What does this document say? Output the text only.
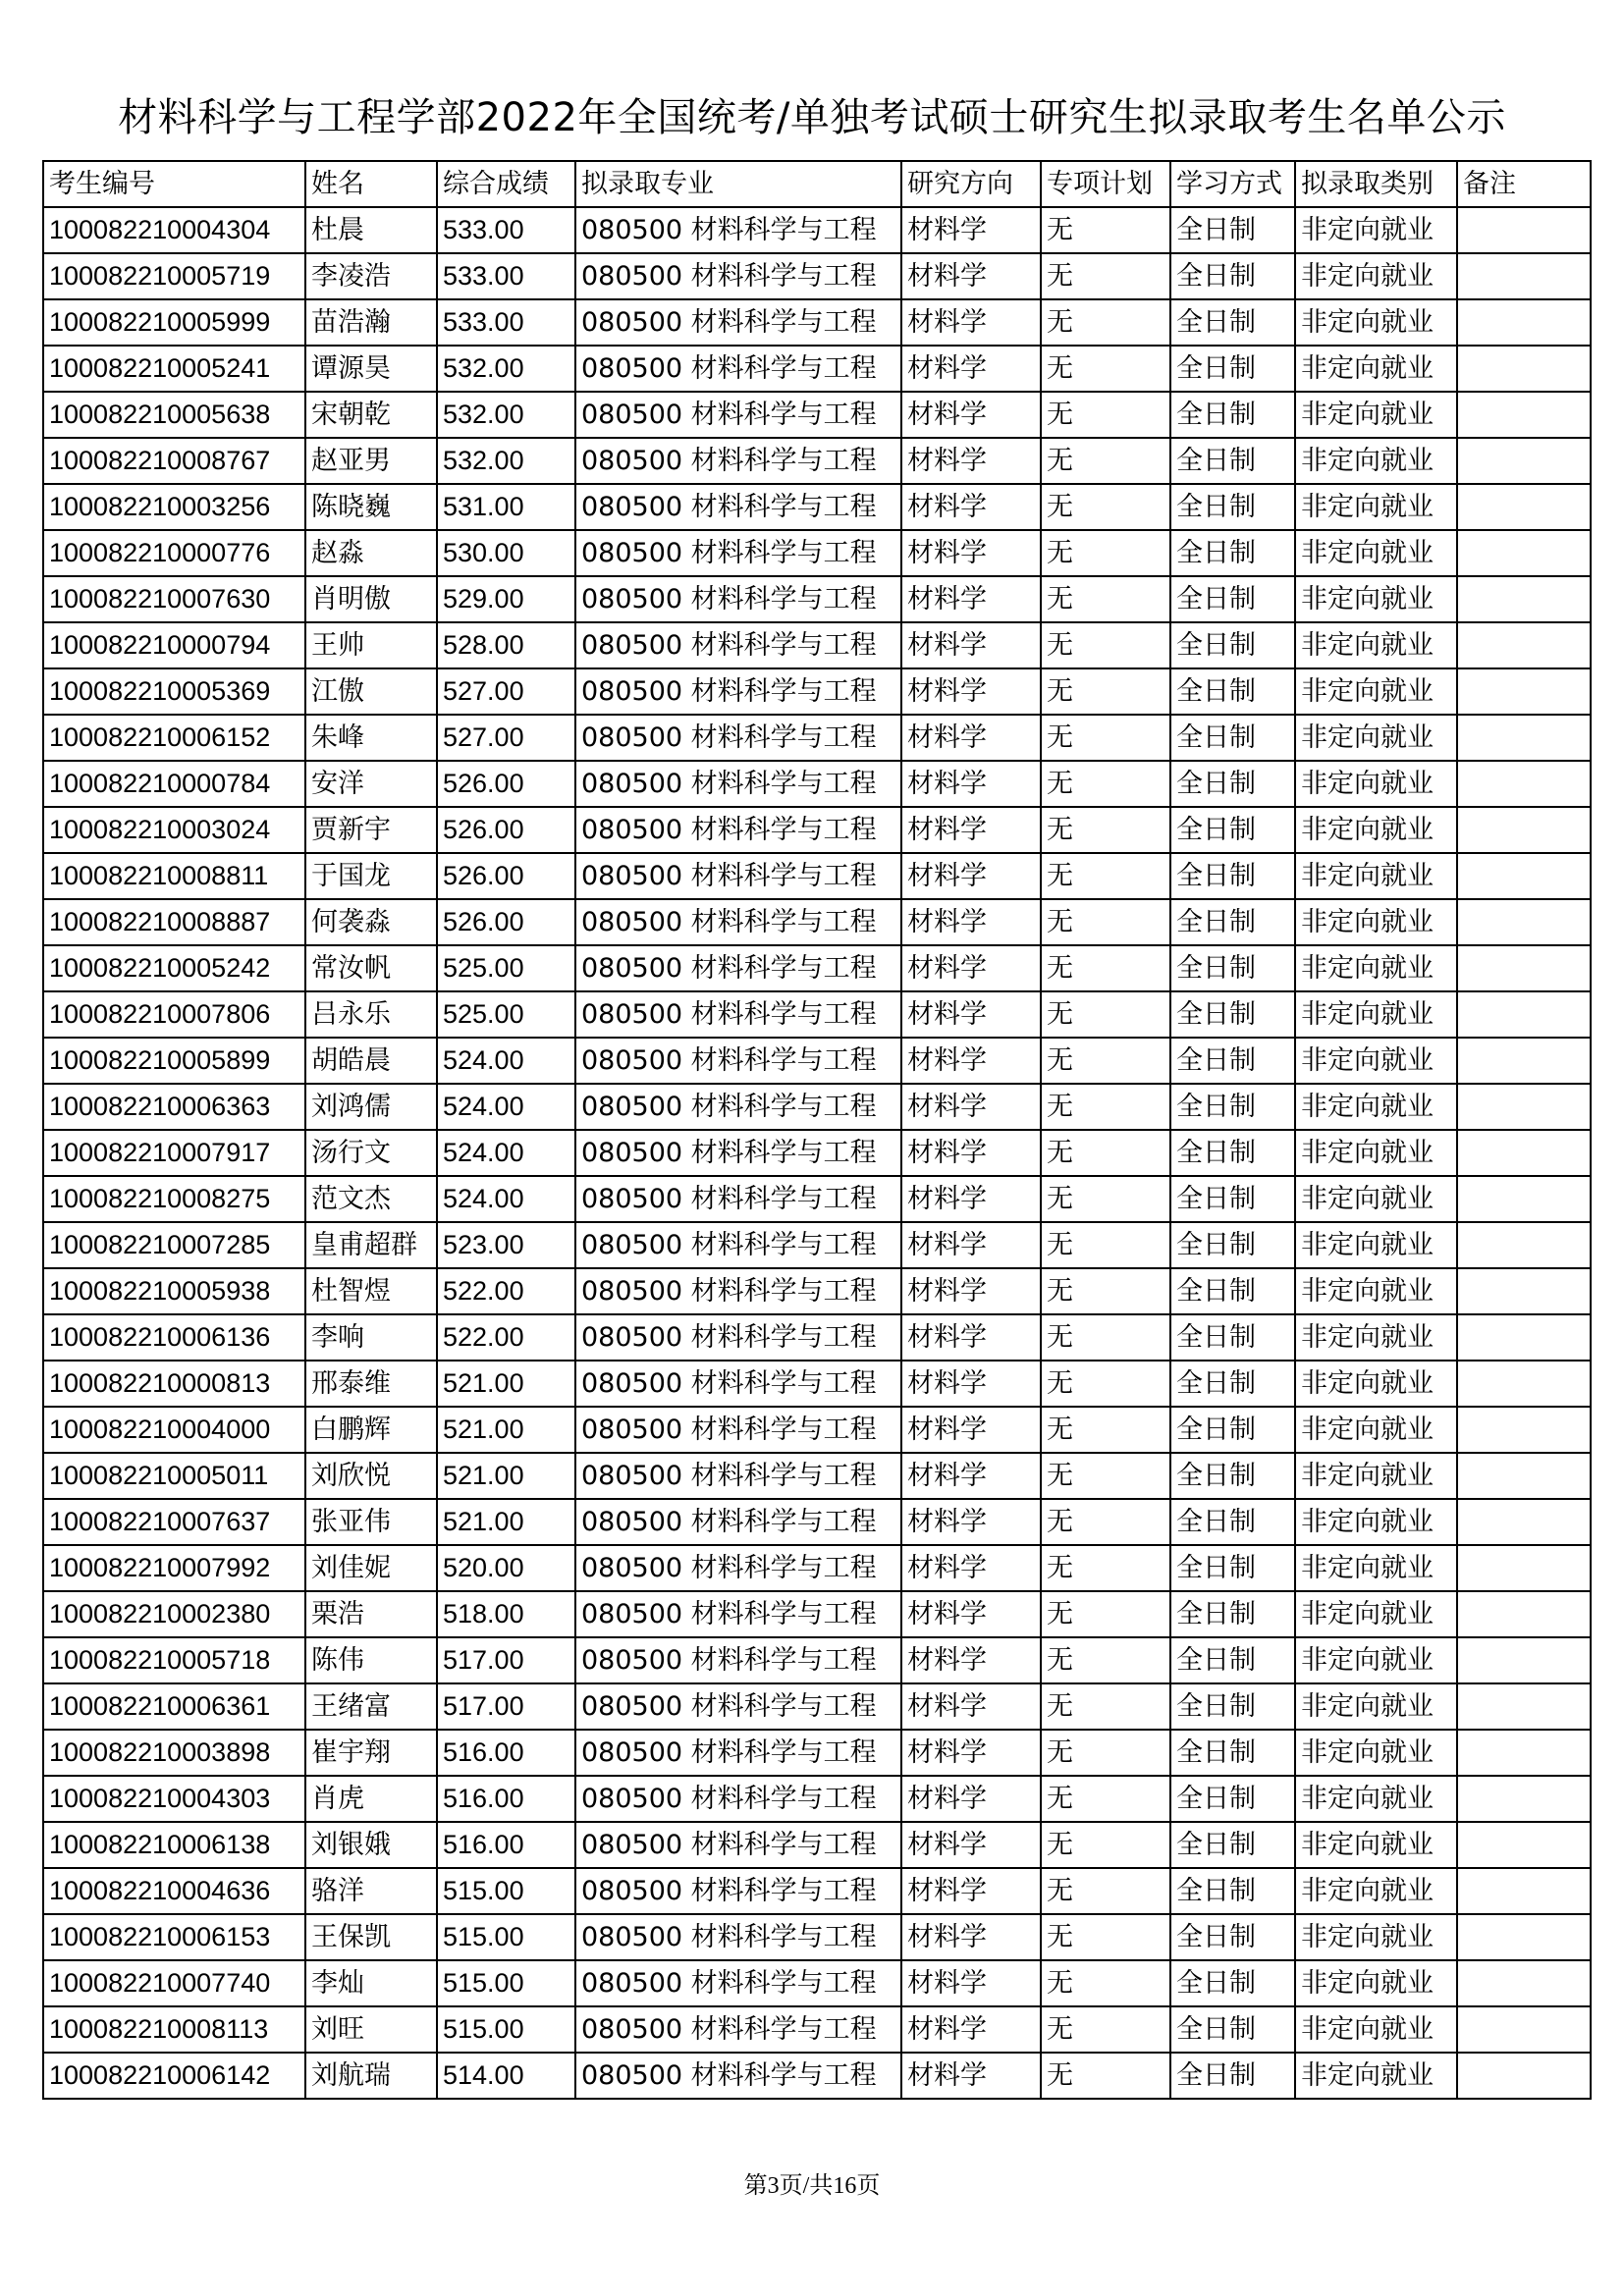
材料科学与工程学部2022年全国统考/单独考试硕士研究生拟录取考生名单公示
考生编号	姓名	综合成绩	拟录取专业	研究方向	专项计划	学习方式	拟录取类别	备注
100082210004304	杜晨	533.00	080500 材料科学与工程	材料学	无	全日制	非定向就业	
100082210005719	李凌浩	533.00	080500 材料科学与工程	材料学	无	全日制	非定向就业	
100082210005999	苗浩瀚	533.00	080500 材料科学与工程	材料学	无	全日制	非定向就业	
100082210005241	谭源昊	532.00	080500 材料科学与工程	材料学	无	全日制	非定向就业	
100082210005638	宋朝乾	532.00	080500 材料科学与工程	材料学	无	全日制	非定向就业	
100082210008767	赵亚男	532.00	080500 材料科学与工程	材料学	无	全日制	非定向就业	
100082210003256	陈晓巍	531.00	080500 材料科学与工程	材料学	无	全日制	非定向就业	
100082210000776	赵淼	530.00	080500 材料科学与工程	材料学	无	全日制	非定向就业	
100082210007630	肖明傲	529.00	080500 材料科学与工程	材料学	无	全日制	非定向就业	
100082210000794	王帅	528.00	080500 材料科学与工程	材料学	无	全日制	非定向就业	
100082210005369	江傲	527.00	080500 材料科学与工程	材料学	无	全日制	非定向就业	
100082210006152	朱峰	527.00	080500 材料科学与工程	材料学	无	全日制	非定向就业	
100082210000784	安洋	526.00	080500 材料科学与工程	材料学	无	全日制	非定向就业	
100082210003024	贾新宇	526.00	080500 材料科学与工程	材料学	无	全日制	非定向就业	
100082210008811	于国龙	526.00	080500 材料科学与工程	材料学	无	全日制	非定向就业	
100082210008887	何袭淼	526.00	080500 材料科学与工程	材料学	无	全日制	非定向就业	
100082210005242	常汝帆	525.00	080500 材料科学与工程	材料学	无	全日制	非定向就业	
100082210007806	吕永乐	525.00	080500 材料科学与工程	材料学	无	全日制	非定向就业	
100082210005899	胡皓晨	524.00	080500 材料科学与工程	材料学	无	全日制	非定向就业	
100082210006363	刘鸿儒	524.00	080500 材料科学与工程	材料学	无	全日制	非定向就业	
100082210007917	汤行文	524.00	080500 材料科学与工程	材料学	无	全日制	非定向就业	
100082210008275	范文杰	524.00	080500 材料科学与工程	材料学	无	全日制	非定向就业	
100082210007285	皇甫超群	523.00	080500 材料科学与工程	材料学	无	全日制	非定向就业	
100082210005938	杜智煜	522.00	080500 材料科学与工程	材料学	无	全日制	非定向就业	
100082210006136	李响	522.00	080500 材料科学与工程	材料学	无	全日制	非定向就业	
100082210000813	邢泰维	521.00	080500 材料科学与工程	材料学	无	全日制	非定向就业	
100082210004000	白鹏辉	521.00	080500 材料科学与工程	材料学	无	全日制	非定向就业	
100082210005011	刘欣悦	521.00	080500 材料科学与工程	材料学	无	全日制	非定向就业	
100082210007637	张亚伟	521.00	080500 材料科学与工程	材料学	无	全日制	非定向就业	
100082210007992	刘佳妮	520.00	080500 材料科学与工程	材料学	无	全日制	非定向就业	
100082210002380	栗浩	518.00	080500 材料科学与工程	材料学	无	全日制	非定向就业	
100082210005718	陈伟	517.00	080500 材料科学与工程	材料学	无	全日制	非定向就业	
100082210006361	王绪富	517.00	080500 材料科学与工程	材料学	无	全日制	非定向就业	
100082210003898	崔宇翔	516.00	080500 材料科学与工程	材料学	无	全日制	非定向就业	
100082210004303	肖虎	516.00	080500 材料科学与工程	材料学	无	全日制	非定向就业	
100082210006138	刘银娥	516.00	080500 材料科学与工程	材料学	无	全日制	非定向就业	
100082210004636	骆洋	515.00	080500 材料科学与工程	材料学	无	全日制	非定向就业	
100082210006153	王保凯	515.00	080500 材料科学与工程	材料学	无	全日制	非定向就业	
100082210007740	李灿	515.00	080500 材料科学与工程	材料学	无	全日制	非定向就业	
100082210008113	刘旺	515.00	080500 材料科学与工程	材料学	无	全日制	非定向就业	
100082210006142	刘航瑞	514.00	080500 材料科学与工程	材料学	无	全日制	非定向就业	
第3页/共16页
